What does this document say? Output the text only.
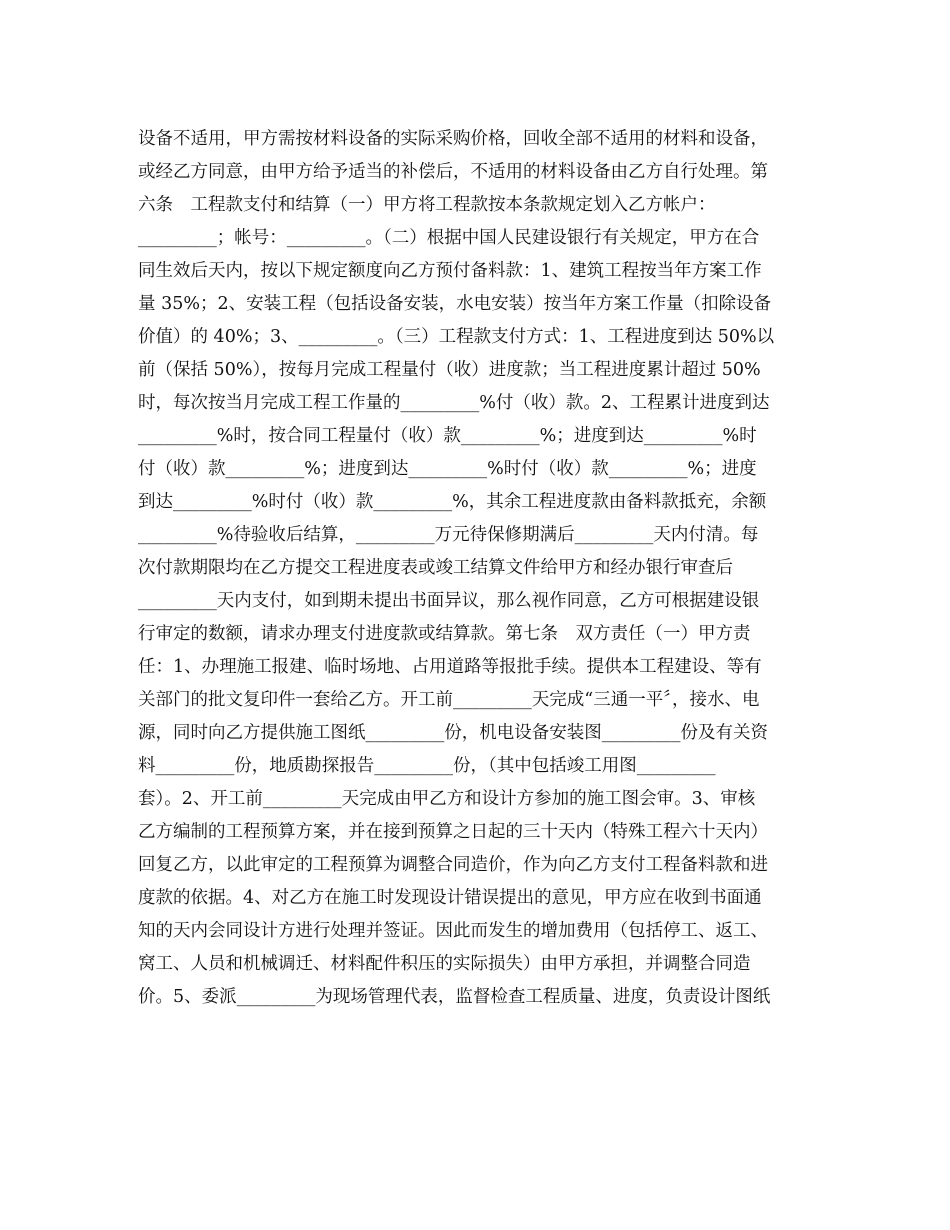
设备不适用，甲方需按材料设备的实际采购价格，回收全部不适用的材料和设备，
或经乙方同意，由甲方给予适当的补偿后，不适用的材料设备由乙方自行处理。第
六条　工程款支付和结算（一）甲方将工程款按本条款规定划入乙方帐户：
_________；帐号：_________。（二）根据中国人民建设银行有关规定，甲方在合
同生效后天内，按以下规定额度向乙方预付备料款：1、建筑工程按当年方案工作
量 35%；2、安装工程（包括设备安装，水电安装）按当年方案工作量（扣除设备
价值）的 40%；3、_________。（三）工程款支付方式：1、工程进度到达 50%以
前（保括 50%），按每月完成工程量付（收）进度款；当工程进度累计超过 50%
时，每次按当月完成工程工作量的_________%付（收）款。2、工程累计进度到达
_________%时，按合同工程量付（收）款_________%；进度到达_________%时
付（收）款_________%；进度到达_________%时付（收）款_________%；进度
到达_________%时付（收）款_________%，其余工程进度款由备料款抵充，余额
_________%待验收后结算，_________万元待保修期满后_________天内付清。每
次付款期限均在乙方提交工程进度表或竣工结算文件给甲方和经办银行审查后
_________天内支付，如到期未提出书面异议，那么视作同意，乙方可根据建设银
行审定的数额，请求办理支付进度款或结算款。第七条　双方责任（一）甲方责
任：1、办理施工报建、临时场地、占用道路等报批手续。提供本工程建设、等有
关部门的批文复印件一套给乙方。开工前_________天完成“三通一平〞，接水、电
源，同时向乙方提供施工图纸_________份，机电设备安装图_________份及有关资
料_________份，地质勘探报告_________份，（其中包括竣工用图_________
套）。2、开工前_________天完成由甲乙方和设计方参加的施工图会审。3、审核
乙方编制的工程预算方案，并在接到预算之日起的三十天内（特殊工程六十天内）
回复乙方，以此审定的工程预算为调整合同造价，作为向乙方支付工程备料款和进
度款的依据。4、对乙方在施工时发现设计错误提出的意见，甲方应在收到书面通
知的天内会同设计方进行处理并签证。因此而发生的增加费用（包括停工、返工、
窝工、人员和机械调迁、材料配件积压的实际损失）由甲方承担，并调整合同造
价。5、委派_________为现场管理代表，监督检查工程质量、进度，负责设计图纸
